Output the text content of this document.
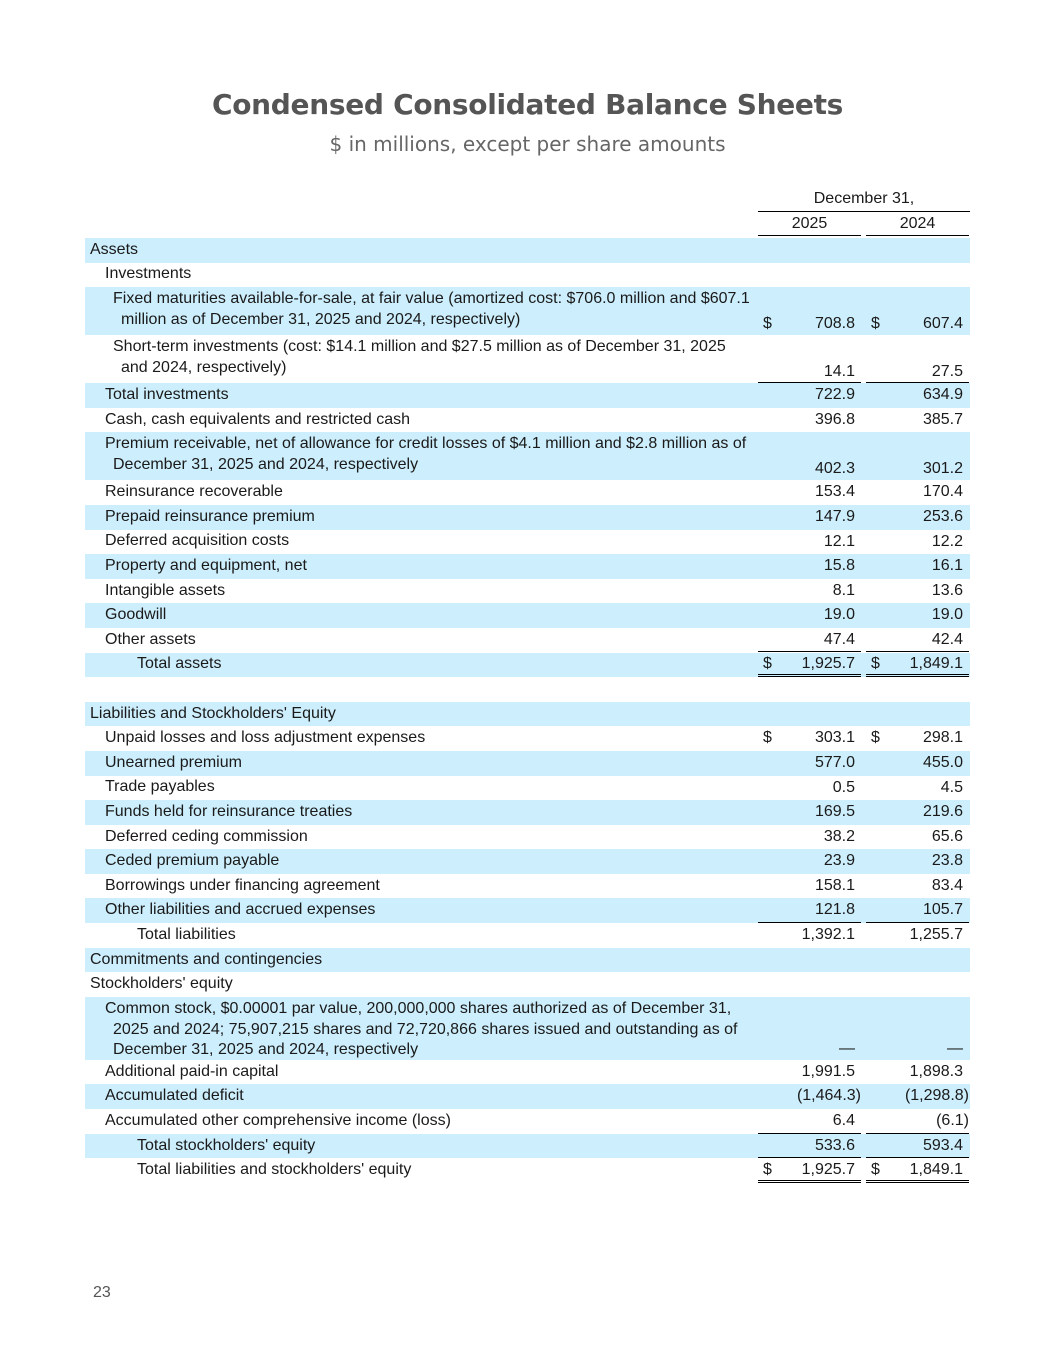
Condensed Consolidated Balance Sheets
$ in millions, except per share amounts
December 31,
2025	2024
Assets
Investments
Fixed maturities available-for-sale, at fair value (amortized cost: $706.0 million and $607.1 million as of December 31, 2025 and 2024, respectively)	$	708.8 $	607.4
Short-term investments (cost: $14.1 million and $27.5 million as of December 31, 2025 and 2024, respectively)	14.1	27.5
Total investments	722.9	634.9
Cash, cash equivalents and restricted cash	396.8	385.7
Premium receivable, net of allowance for credit losses of $4.1 million and $2.8 million as of December 31, 2025 and 2024, respectively	402.3	301.2
Reinsurance recoverable	153.4	170.4
Prepaid reinsurance premium	147.9	253.6
Deferred acquisition costs	12.1	12.2
Property and equipment, net	15.8	16.1
Intangible assets	8.1	13.6
Goodwill	19.0	19.0
Other assets	47.4	42.4
Total assets	$ 1,925.7 $ 1,849.1
Liabilities and Stockholders' Equity
Unpaid losses and loss adjustment expenses	$	303.1 $	298.1
Unearned premium	577.0	455.0
Trade payables	0.5	4.5
Funds held for reinsurance treaties	169.5	219.6
Deferred ceding commission	38.2	65.6
Ceded premium payable	23.9	23.8
Borrowings under financing agreement	158.1	83.4
Other liabilities and accrued expenses	121.8	105.7
Total liabilities	1,392.1	1,255.7
Commitments and contingencies
Stockholders' equity
Common stock, $0.00001 par value, 200,000,000 shares authorized as of December 31, 2025 and 2024; 75,907,215 shares and 72,720,866 shares issued and outstanding as of December 31, 2025 and 2024, respectively	—	—
Additional paid-in capital	1,991.5	1,898.3
Accumulated deficit	(1,464.3)	(1,298.8)
Accumulated other comprehensive income (loss)	6.4	(6.1)
Total stockholders' equity	533.6	593.4
Total liabilities and stockholders' equity	$ 1,925.7 $ 1,849.1
23
